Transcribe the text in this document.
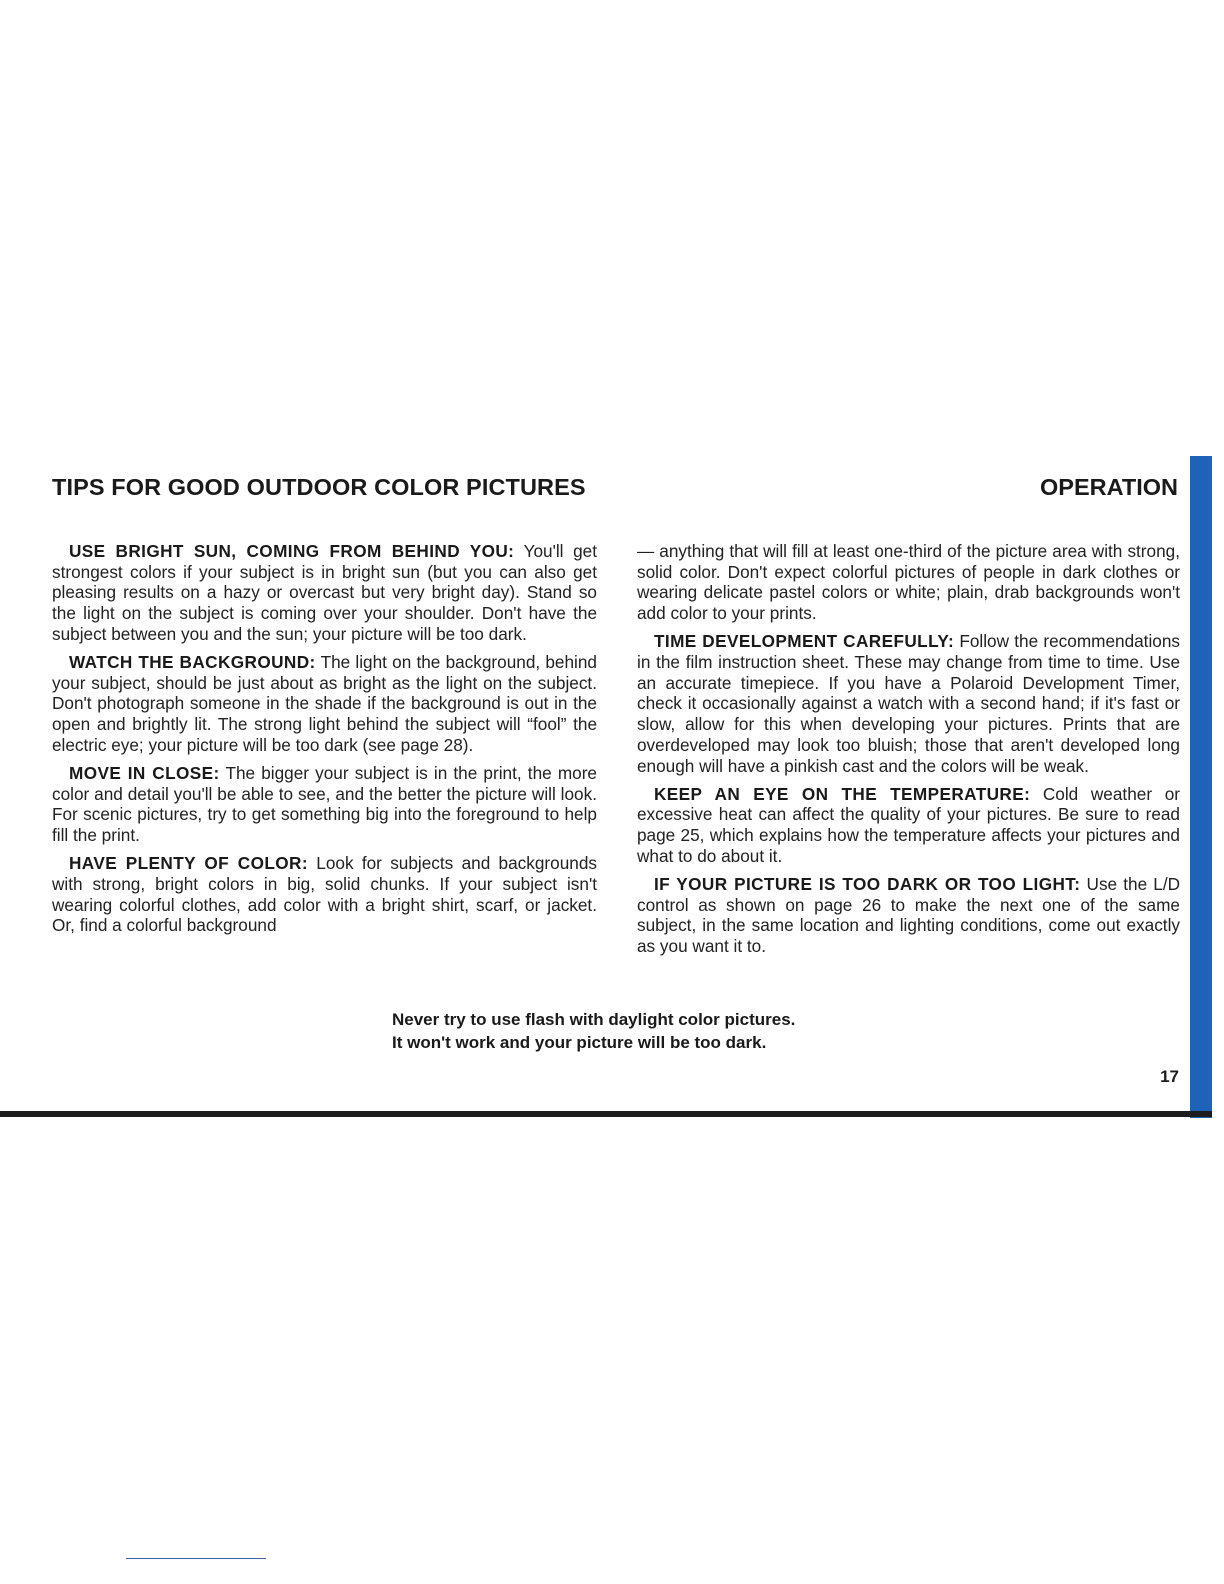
TIPS FOR GOOD OUTDOOR COLOR PICTURES	OPERATION

USE BRIGHT SUN, COMING FROM BEHIND YOU: You'll get strongest colors if your subject is in bright sun (but you can also get pleasing results on a hazy or overcast but very bright day). Stand so the light on the subject is coming over your shoulder. Don't have the subject between you and the sun; your picture will be too dark.

WATCH THE BACKGROUND: The light on the background, behind your subject, should be just about as bright as the light on the subject. Don't photograph someone in the shade if the background is out in the open and brightly lit. The strong light behind the subject will “fool” the electric eye; your picture will be too dark (see page 28).

MOVE IN CLOSE: The bigger your subject is in the print, the more color and detail you'll be able to see, and the better the picture will look. For scenic pictures, try to get something big into the foreground to help fill the print.

HAVE PLENTY OF COLOR: Look for subjects and backgrounds with strong, bright colors in big, solid chunks. If your subject isn't wearing colorful clothes, add color with a bright shirt, scarf, or jacket. Or, find a colorful background

— anything that will fill at least one-third of the picture area with strong, solid color. Don't expect colorful pictures of people in dark clothes or wearing delicate pastel colors or white; plain, drab backgrounds won't add color to your prints.

TIME DEVELOPMENT CAREFULLY: Follow the recommendations in the film instruction sheet. These may change from time to time. Use an accurate timepiece. If you have a Polaroid Development Timer, check it occasionally against a watch with a second hand; if it's fast or slow, allow for this when developing your pictures. Prints that are overdeveloped may look too bluish; those that aren't developed long enough will have a pinkish cast and the colors will be weak.

KEEP AN EYE ON THE TEMPERATURE: Cold weather or excessive heat can affect the quality of your pictures. Be sure to read page 25, which explains how the temperature affects your pictures and what to do about it.

IF YOUR PICTURE IS TOO DARK OR TOO LIGHT: Use the L/D control as shown on page 26 to make the next one of the same subject, in the same location and lighting conditions, come out exactly as you want it to.

Never try to use flash with daylight color pictures.
It won't work and your picture will be too dark.
17
